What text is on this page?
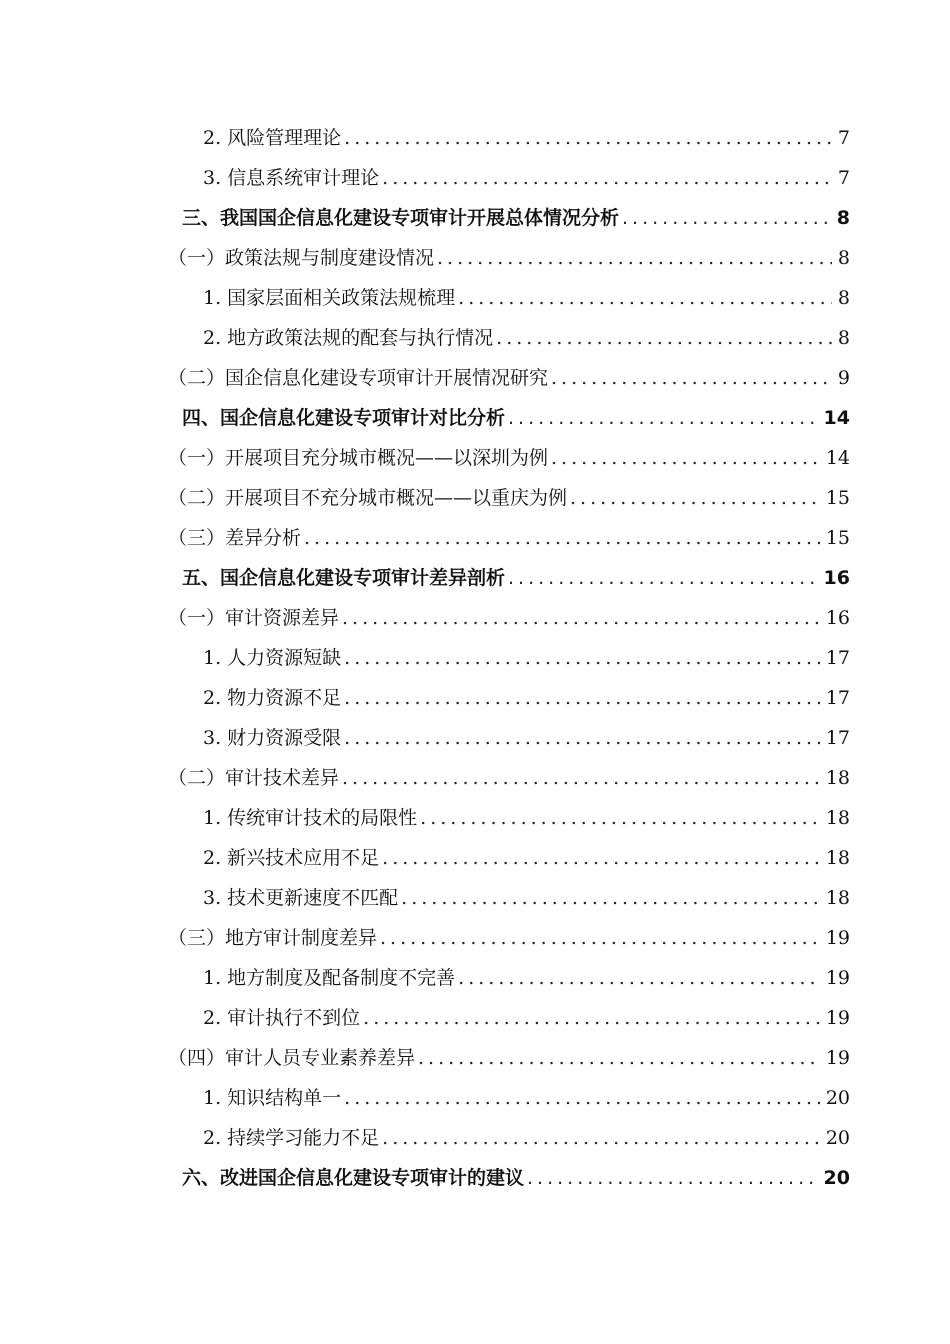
2. 风险管理理论 .....	7
3. 信息系统审计理论 .....	7
三、我国国企信息化建设专项审计开展总体情况分析 .....	8
（一）政策法规与制度建设情况 .....	8
1. 国家层面相关政策法规梳理 .....	8
2. 地方政策法规的配套与执行情况 .....	8
（二）国企信息化建设专项审计开展情况研究 .....	9
四、国企信息化建设专项审计对比分析 .....	14
（一）开展项目充分城市概况——以深圳为例 .....	14
（二）开展项目不充分城市概况——以重庆为例 .....	15
（三）差异分析 .....	15
五、国企信息化建设专项审计差异剖析 .....	16
（一）审计资源差异 .....	16
1. 人力资源短缺 .....	17
2. 物力资源不足 .....	17
3. 财力资源受限 .....	17
（二）审计技术差异 .....	18
1. 传统审计技术的局限性 .....	18
2. 新兴技术应用不足 .....	18
3. 技术更新速度不匹配 .....	18
（三）地方审计制度差异 .....	19
1. 地方制度及配备制度不完善 .....	19
2. 审计执行不到位 .....	19
（四）审计人员专业素养差异 .....	19
1. 知识结构单一 .....	20
2. 持续学习能力不足 .....	20
六、改进国企信息化建设专项审计的建议 .....	20
